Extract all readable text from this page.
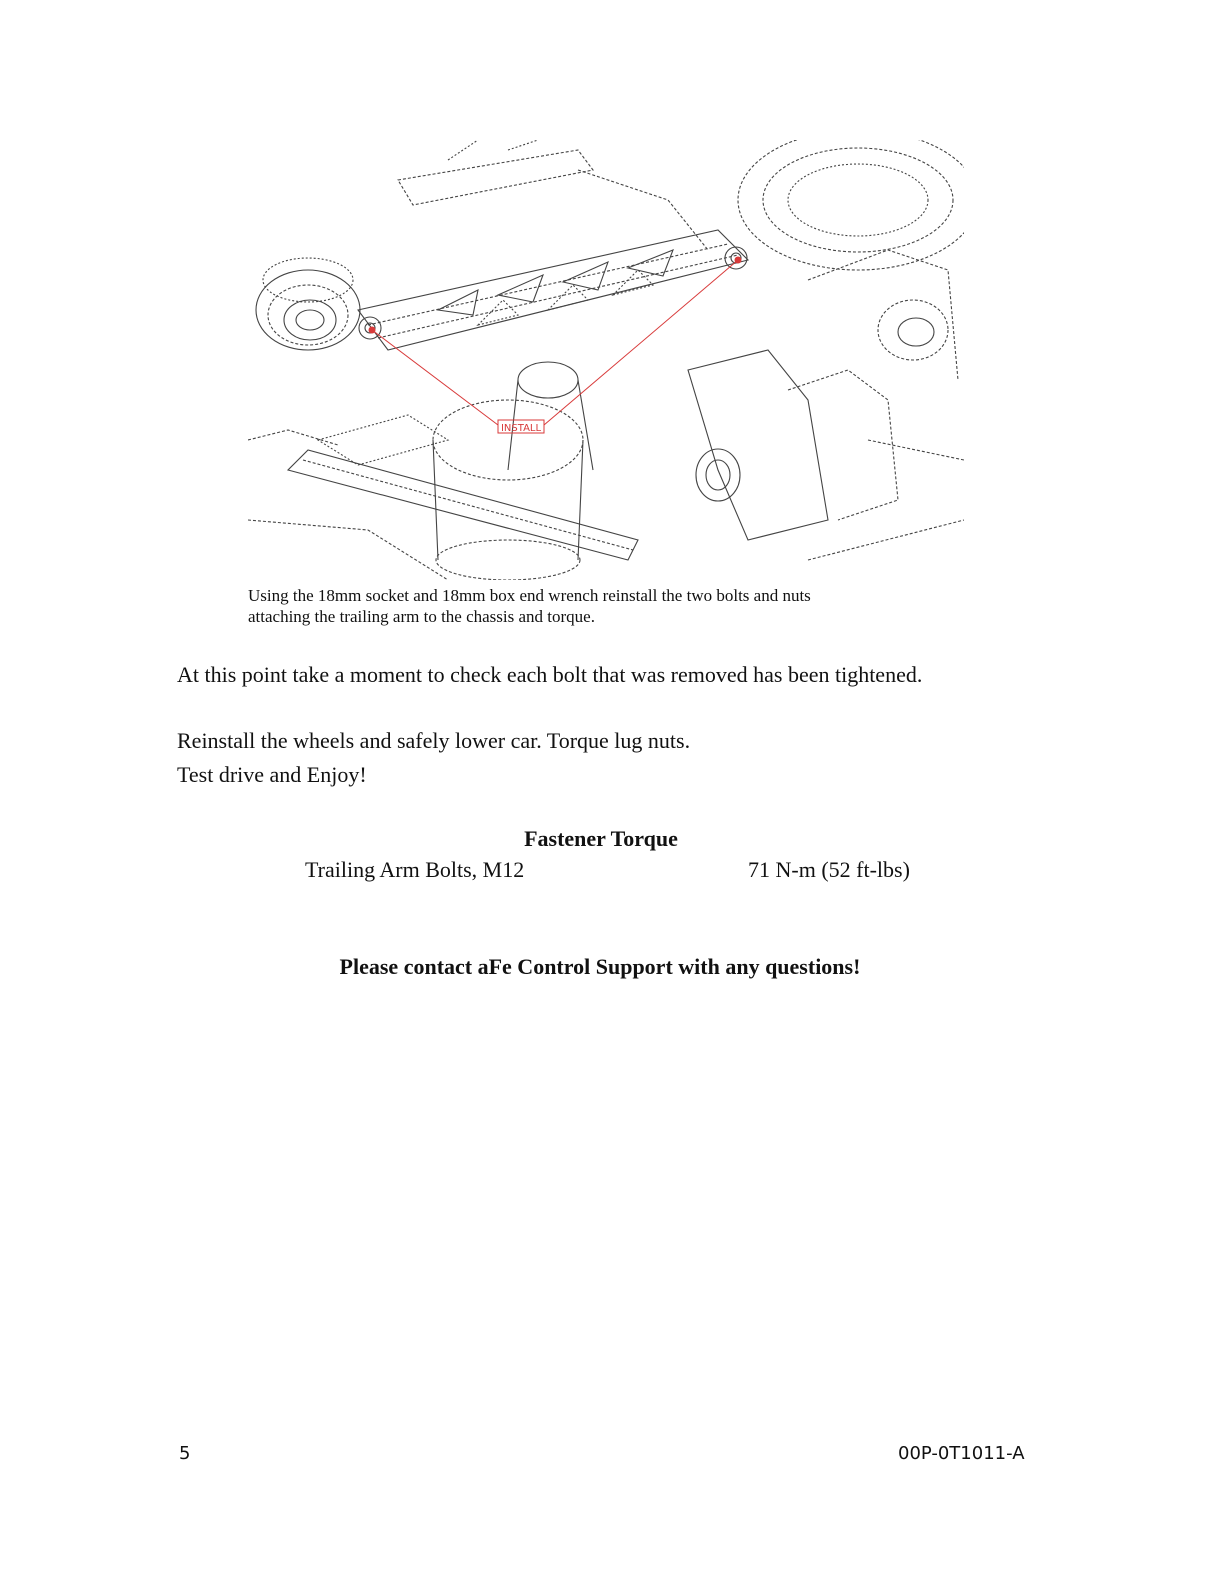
INSTALL
Using the 18mm socket and 18mm box end wrench reinstall the two bolts and nuts
attaching the trailing arm to the chassis and torque.
At this point take a moment to check each bolt that was removed has been tightened.
Reinstall the wheels and safely lower car. Torque lug nuts.
Test drive and Enjoy!
Fastener Torque
Trailing Arm Bolts, M12	71 N-m (52 ft-lbs)
Please contact aFe Control Support with any questions!
5	00P-0T1011-A
